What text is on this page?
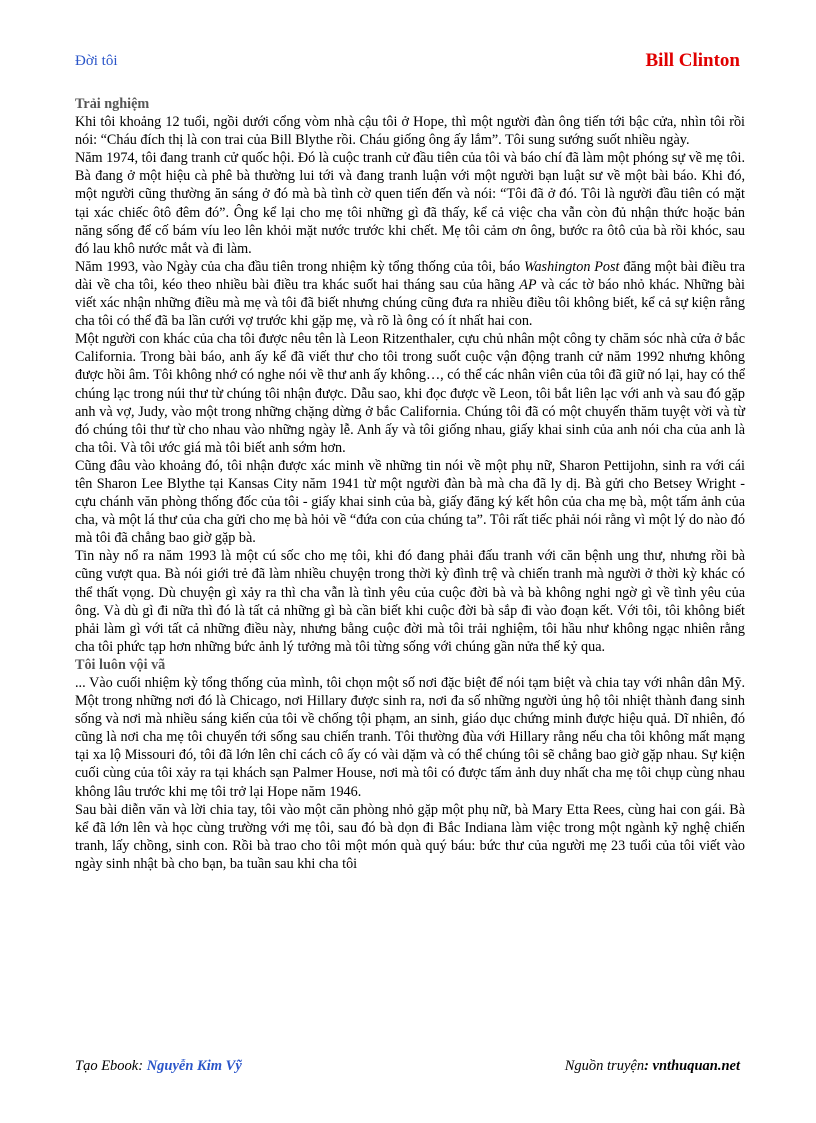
Đời tôi	Bill Clinton
Trải nghiệm

Khi tôi khoảng 12 tuổi, ngồi dưới cổng vòm nhà cậu tôi ở Hope, thì một người đàn ông tiến tới bậc cửa, nhìn tôi rồi nói: “Cháu đích thị là con trai của Bill Blythe rồi. Cháu giống ông ấy lắm”. Tôi sung sướng suốt nhiều ngày.

Năm 1974, tôi đang tranh cử quốc hội. Đó là cuộc tranh cử đầu tiên của tôi và báo chí đã làm một phóng sự về mẹ tôi. Bà đang ở một hiệu cà phê bà thường lui tới và đang tranh luận với một người bạn luật sư về một bài báo. Khi đó, một người cũng thường ăn sáng ở đó mà bà tình cờ quen tiến đến và nói: “Tôi đã ở đó. Tôi là người đầu tiên có mặt tại xác chiếc ôtô đêm đó”. Ông kể lại cho mẹ tôi những gì đã thấy, kể cả việc cha vẫn còn đủ nhận thức hoặc bản năng sống để cố bám víu leo lên khỏi mặt nước trước khi chết. Mẹ tôi cảm ơn ông, bước ra ôtô của bà rồi khóc, sau đó lau khô nước mắt và đi làm.

Năm 1993, vào Ngày của cha đầu tiên trong nhiệm kỳ tổng thống của tôi, báo Washington Post đăng một bài điều tra dài về cha tôi, kéo theo nhiều bài điều tra khác suốt hai tháng sau của hãng AP và các tờ báo nhỏ khác. Những bài viết xác nhận những điều mà mẹ và tôi đã biết nhưng chúng cũng đưa ra nhiều điều tôi không biết, kể cả sự kiện rằng cha tôi có thể đã ba lần cưới vợ trước khi gặp mẹ, và rõ là ông có ít nhất hai con.

Một người con khác của cha tôi được nêu tên là Leon Ritzenthaler, cựu chủ nhân một công ty chăm sóc nhà cửa ở bắc California. Trong bài báo, anh ấy kể đã viết thư cho tôi trong suốt cuộc vận động tranh cử năm 1992 nhưng không được hồi âm. Tôi không nhớ có nghe nói về thư anh ấy không…, có thể các nhân viên của tôi đã giữ nó lại, hay có thể chúng lạc trong núi thư từ chúng tôi nhận được. Dẫu sao, khi đọc được về Leon, tôi bắt liên lạc với anh và sau đó gặp anh và vợ, Judy, vào một trong những chặng dừng ở bắc California. Chúng tôi đã có một chuyến thăm tuyệt vời và từ đó chúng tôi thư từ cho nhau vào những ngày lễ. Anh ấy và tôi giống nhau, giấy khai sinh của anh nói cha của anh là cha tôi. Và tôi ước giá mà tôi biết anh sớm hơn.

Cũng đâu vào khoảng đó, tôi nhận được xác minh về những tin nói về một phụ nữ, Sharon Pettijohn, sinh ra với cái tên Sharon Lee Blythe tại Kansas City năm 1941 từ một người đàn bà mà cha đã ly dị. Bà gửi cho Betsey Wright - cựu chánh văn phòng thống đốc của tôi - giấy khai sinh của bà, giấy đăng ký kết hôn của cha mẹ bà, một tấm ảnh của cha, và một lá thư của cha gửi cho mẹ bà hỏi về “đứa con của chúng ta”. Tôi rất tiếc phải nói rằng vì một lý do nào đó mà tôi đã chẳng bao giờ gặp bà.

Tin này nổ ra năm 1993 là một cú sốc cho mẹ tôi, khi đó đang phải đấu tranh với căn bệnh ung thư, nhưng rồi bà cũng vượt qua. Bà nói giới trẻ đã làm nhiều chuyện trong thời kỳ đình trệ và chiến tranh mà người ở thời kỳ khác có thể thất vọng. Dù chuyện gì xảy ra thì cha vẫn là tình yêu của cuộc đời bà và bà không nghi ngờ gì về tình yêu của ông. Và dù gì đi nữa thì đó là tất cả những gì bà cần biết khi cuộc đời bà sắp đi vào đoạn kết. Với tôi, tôi không biết phải làm gì với tất cả những điều này, nhưng bằng cuộc đời mà tôi trải nghiệm, tôi hầu như không ngạc nhiên rằng cha tôi phức tạp hơn những bức ảnh lý tưởng mà tôi từng sống với chúng gần nửa thế kỷ qua.

Tôi luôn vội vã

... Vào cuối nhiệm kỳ tổng thống của mình, tôi chọn một số nơi đặc biệt để nói tạm biệt và chia tay với nhân dân Mỹ. Một trong những nơi đó là Chicago, nơi Hillary được sinh ra, nơi đa số những người ủng hộ tôi nhiệt thành đang sinh sống và nơi mà nhiều sáng kiến của tôi về chống tội phạm, an sinh, giáo dục chứng minh được hiệu quả. Dĩ nhiên, đó cũng là nơi cha mẹ tôi chuyển tới sống sau chiến tranh. Tôi thường đùa với Hillary rằng nếu cha tôi không mất mạng tại xa lộ Missouri đó, tôi đã lớn lên chỉ cách cô ấy có vài dặm và có thể chúng tôi sẽ chẳng bao giờ gặp nhau. Sự kiện cuối cùng của tôi xảy ra tại khách sạn Palmer House, nơi mà tôi có được tấm ảnh duy nhất cha mẹ tôi chụp cùng nhau không lâu trước khi mẹ tôi trở lại Hope năm 1946.

Sau bài diễn văn và lời chia tay, tôi vào một căn phòng nhỏ gặp một phụ nữ, bà Mary Etta Rees, cùng hai con gái. Bà kể đã lớn lên và học cùng trường với mẹ tôi, sau đó bà dọn đi Bắc Indiana làm việc trong một ngành kỹ nghệ chiến tranh, lấy chồng, sinh con. Rồi bà trao cho tôi một món quà quý báu: bức thư của người mẹ 23 tuổi của tôi viết vào ngày sinh nhật bà cho bạn, ba tuần sau khi cha tôi

Tạo Ebook: Nguyễn Kim Vỹ	Nguồn truyện: vnthuquan.net
